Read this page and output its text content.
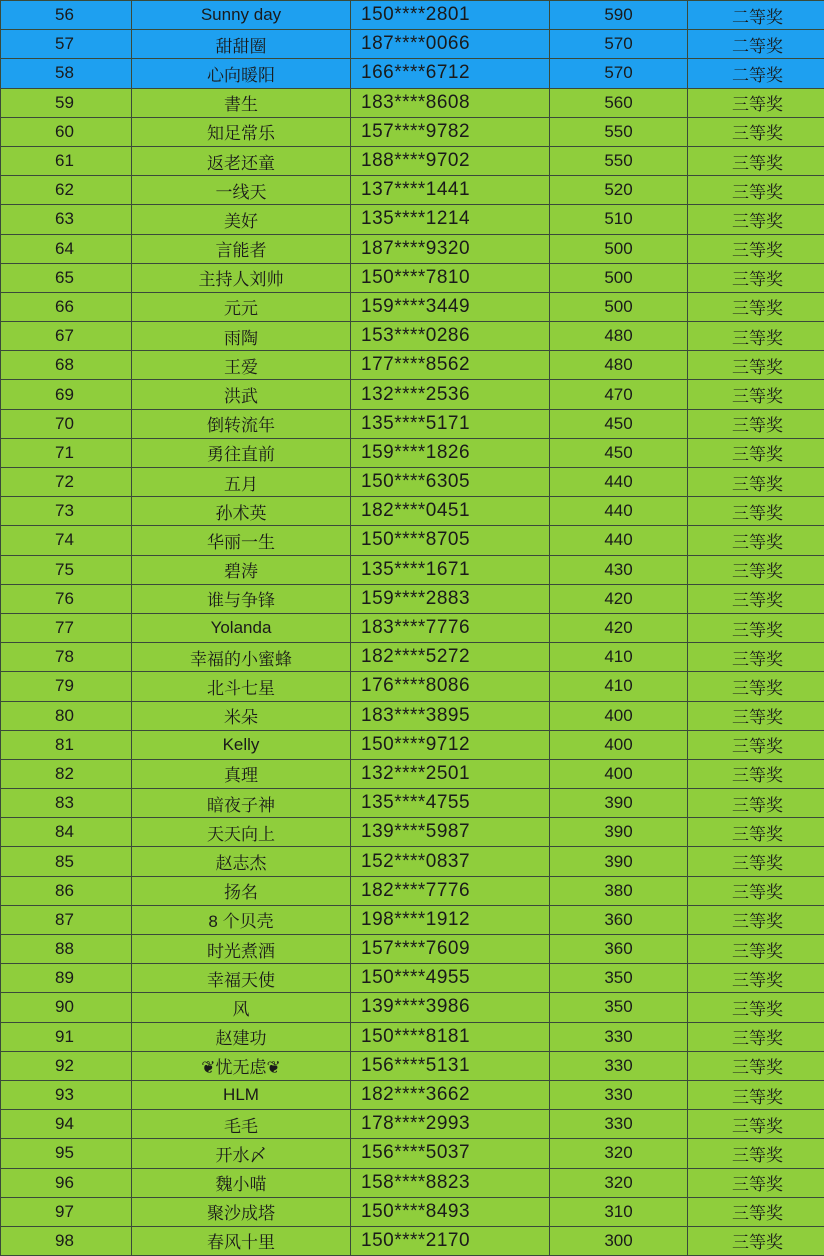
56	Sunny day	150****2801	590	二等奖
57	甜甜圈	187****0066	570	二等奖
58	心向暖阳	166****6712	570	二等奖
59	書生	183****8608	560	三等奖
60	知足常乐	157****9782	550	三等奖
61	返老还童	188****9702	550	三等奖
62	一线天	137****1441	520	三等奖
63	美好	135****1214	510	三等奖
64	言能者	187****9320	500	三等奖
65	主持人刘帅	150****7810	500	三等奖
66	元元	159****3449	500	三等奖
67	雨陶	153****0286	480	三等奖
68	王爱	177****8562	480	三等奖
69	洪武	132****2536	470	三等奖
70	倒转流年	135****5171	450	三等奖
71	勇往直前	159****1826	450	三等奖
72	五月	150****6305	440	三等奖
73	孙术英	182****0451	440	三等奖
74	华丽一生	150****8705	440	三等奖
75	碧涛	135****1671	430	三等奖
76	谁与争锋	159****2883	420	三等奖
77	Yolanda	183****7776	420	三等奖
78	幸福的小蜜蜂	182****5272	410	三等奖
79	北斗七星	176****8086	410	三等奖
80	米朵	183****3895	400	三等奖
81	Kelly	150****9712	400	三等奖
82	真理	132****2501	400	三等奖
83	暗夜子神	135****4755	390	三等奖
84	天天向上	139****5987	390	三等奖
85	赵志杰	152****0837	390	三等奖
86	扬名	182****7776	380	三等奖
87	8 个贝壳	198****1912	360	三等奖
88	时光煮酒	157****7609	360	三等奖
89	幸福天使	150****4955	350	三等奖
90	风	139****3986	350	三等奖
91	赵建功	150****8181	330	三等奖
92	❦忧无虑❦	156****5131	330	三等奖
93	HLM	182****3662	330	三等奖
94	毛毛	178****2993	330	三等奖
95	开水〆	156****5037	320	三等奖
96	魏小喵	158****8823	320	三等奖
97	聚沙成塔	150****8493	310	三等奖
98	春风十里	150****2170	300	三等奖
